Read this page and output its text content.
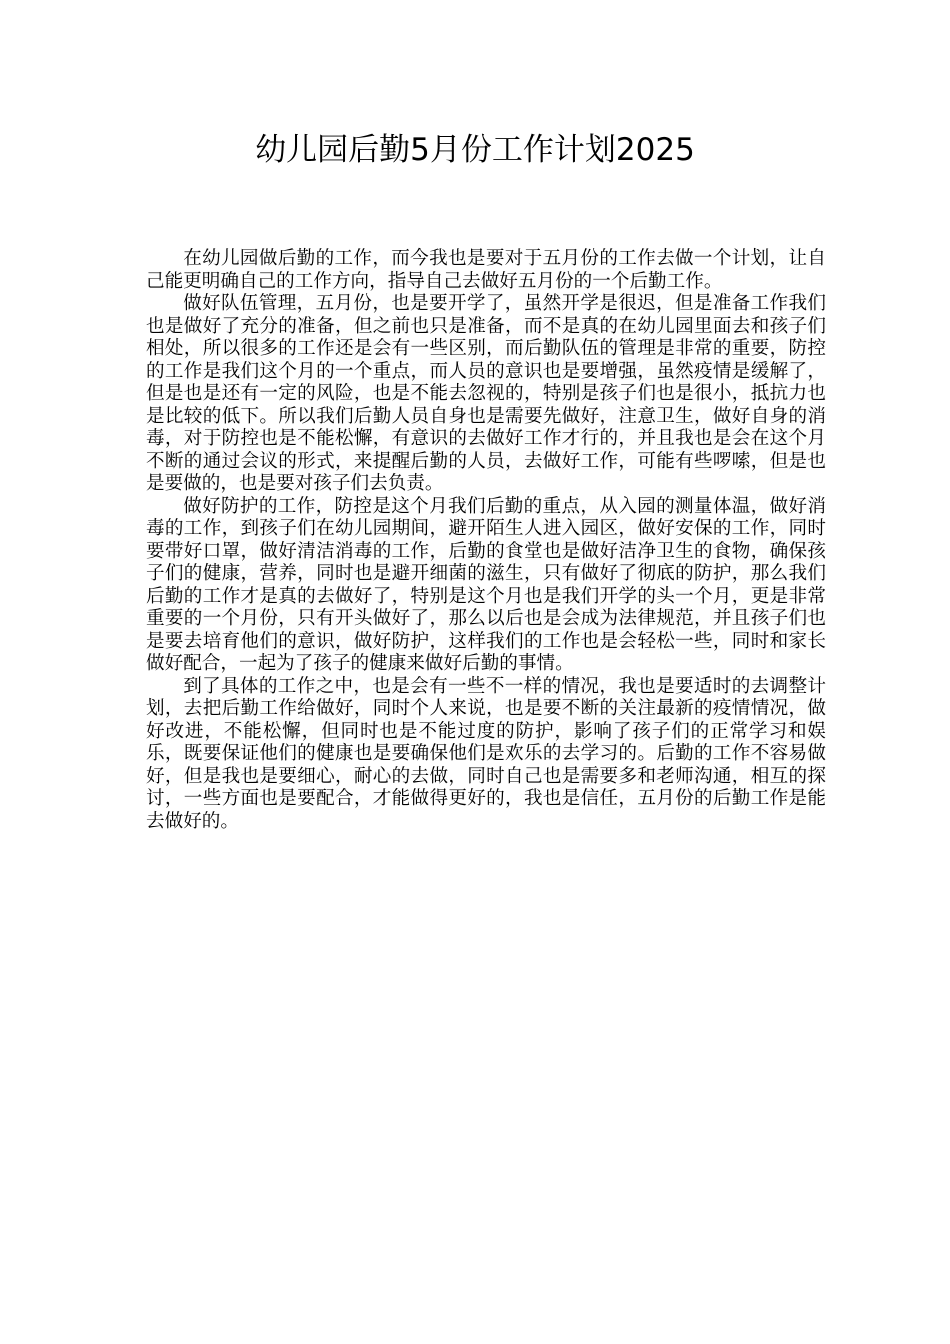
幼儿园后勤5月份工作计划2025

在幼儿园做后勤的工作，而今我也是要对于五月份的工作去做一个计划，让自己能更明确自己的工作方向，指导自己去做好五月份的一个后勤工作。

做好队伍管理，五月份，也是要开学了，虽然开学是很迟，但是准备工作我们也是做好了充分的准备，但之前也只是准备，而不是真的在幼儿园里面去和孩子们相处，所以很多的工作还是会有一些区别，而后勤队伍的管理是非常的重要，防控的工作是我们这个月的一个重点，而人员的意识也是要增强，虽然疫情是缓解了，但是也是还有一定的风险，也是不能去忽视的，特别是孩子们也是很小，抵抗力也是比较的低下。所以我们后勤人员自身也是需要先做好，注意卫生，做好自身的消毒，对于防控也是不能松懈，有意识的去做好工作才行的，并且我也是会在这个月不断的通过会议的形式，来提醒后勤的人员，去做好工作，可能有些啰嗦，但是也是要做的，也是要对孩子们去负责。

做好防护的工作，防控是这个月我们后勤的重点，从入园的测量体温，做好消毒的工作，到孩子们在幼儿园期间，避开陌生人进入园区，做好安保的工作，同时要带好口罩，做好清洁消毒的工作，后勤的食堂也是做好洁净卫生的食物，确保孩子们的健康，营养，同时也是避开细菌的滋生，只有做好了彻底的防护，那么我们后勤的工作才是真的去做好了，特别是这个月也是我们开学的头一个月，更是非常重要的一个月份，只有开头做好了，那么以后也是会成为法律规范，并且孩子们也是要去培育他们的意识，做好防护，这样我们的工作也是会轻松一些，同时和家长做好配合，一起为了孩子的健康来做好后勤的事情。

到了具体的工作之中，也是会有一些不一样的情况，我也是要适时的去调整计划，去把后勤工作给做好，同时个人来说，也是要不断的关注最新的疫情情况，做好改进，不能松懈，但同时也是不能过度的防护，影响了孩子们的正常学习和娱乐，既要保证他们的健康也是要确保他们是欢乐的去学习的。后勤的工作不容易做好，但是我也是要细心，耐心的去做，同时自己也是需要多和老师沟通，相互的探讨，一些方面也是要配合，才能做得更好的，我也是信任，五月份的后勤工作是能去做好的。
